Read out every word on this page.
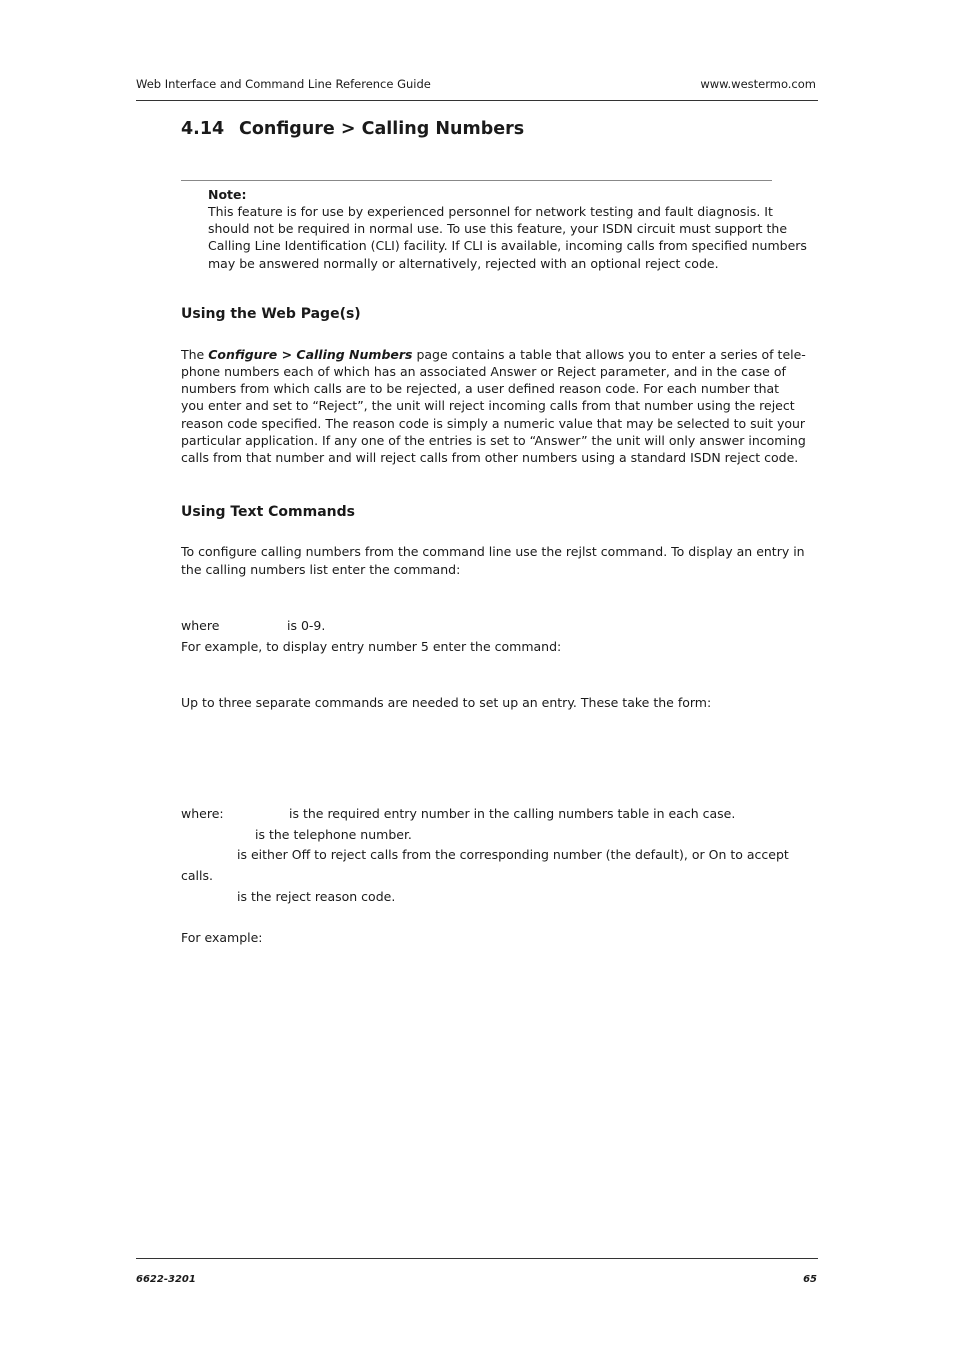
Web Interface and Command Line Reference Guide	www.westermo.com
4.14 Configure > Calling Numbers
Note:
This feature is for use by experienced personnel for network testing and fault diagnosis. It
should not be required in normal use. To use this feature, your ISDN circuit must support the
Calling Line Identification (CLI) facility. If CLI is available, incoming calls from specified numbers
may be answered normally or alternatively, rejected with an optional reject code.
Using the Web Page(s)
The Configure > Calling Numbers page contains a table that allows you to enter a series of tele-
phone numbers each of which has an associated Answer or Reject parameter, and in the case of
numbers from which calls are to be rejected, a user defined reason code. For each number that
you enter and set to “Reject”, the unit will reject incoming calls from that number using the reject
reason code specified. The reason code is simply a numeric value that may be selected to suit your
particular application. If any one of the entries is set to “Answer” the unit will only answer incoming
calls from that number and will reject calls from other numbers using a standard ISDN reject code.
Using Text Commands
To configure calling numbers from the command line use the rejlst command. To display an entry in
the calling numbers list enter the command:
where	is 0-9.
For example, to display entry number 5 enter the command:
Up to three separate commands are needed to set up an entry. These take the form:
where:	is the required entry number in the calling numbers table in each case.
is the telephone number.
is either Off to reject calls from the corresponding number (the default), or On to accept
calls.
is the reject reason code.
For example:
6622-3201	65
